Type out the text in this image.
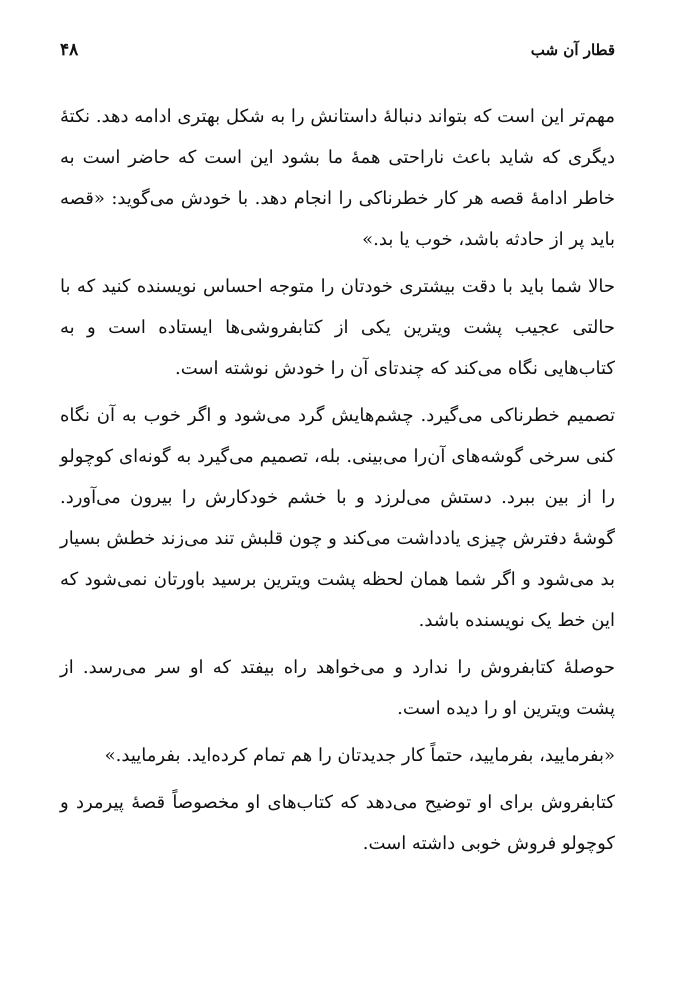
قطار آن شب
۴۸

مهم‌تر این است که بتواند دنبالهٔ داستانش را به شکل بهتری ادامه دهد. نکتهٔ دیگری که شاید باعث ناراحتی همهٔ ما بشود این است که حاضر است به خاطر ادامهٔ قصه هر کار خطرناکی را انجام دهد. با خودش می‌گوید: «قصه باید پر از حادثه باشد، خوب یا بد.»

حالا شما باید با دقت بیشتری خودتان را متوجه احساس نویسنده کنید که با حالتی عجیب پشت ویترین یکی از کتابفروشی‌ها ایستاده است و به کتاب‌هایی نگاه می‌کند که چندتای آن را خودش نوشته است.

تصمیم خطرناکی می‌گیرد. چشم‌هایش گرد می‌شود و اگر خوب به آن نگاه کنی سرخی گوشه‌های آن‌را می‌بینی. بله، تصمیم می‌گیرد به گونه‌ای کوچولو را از بین ببرد. دستش می‌لرزد و با خشم خودکارش را بیرون می‌آورد. گوشهٔ دفترش چیزی یادداشت می‌کند و چون قلبش تند می‌زند خطش بسیار بد می‌شود و اگر شما همان لحظه پشت ویترین برسید باورتان نمی‌شود که این خط یک نویسنده باشد.

حوصلهٔ کتابفروش را ندارد و می‌خواهد راه بیفتد که او سر می‌رسد. از پشت ویترین او را دیده است.

«بفرمایید، بفرمایید، حتماً کار جدیدتان را هم تمام کرده‌اید. بفرمایید.»

کتابفروش برای او توضیح می‌دهد که کتاب‌های او مخصوصاً قصهٔ پیرمرد و کوچولو فروش خوبی داشته است.
